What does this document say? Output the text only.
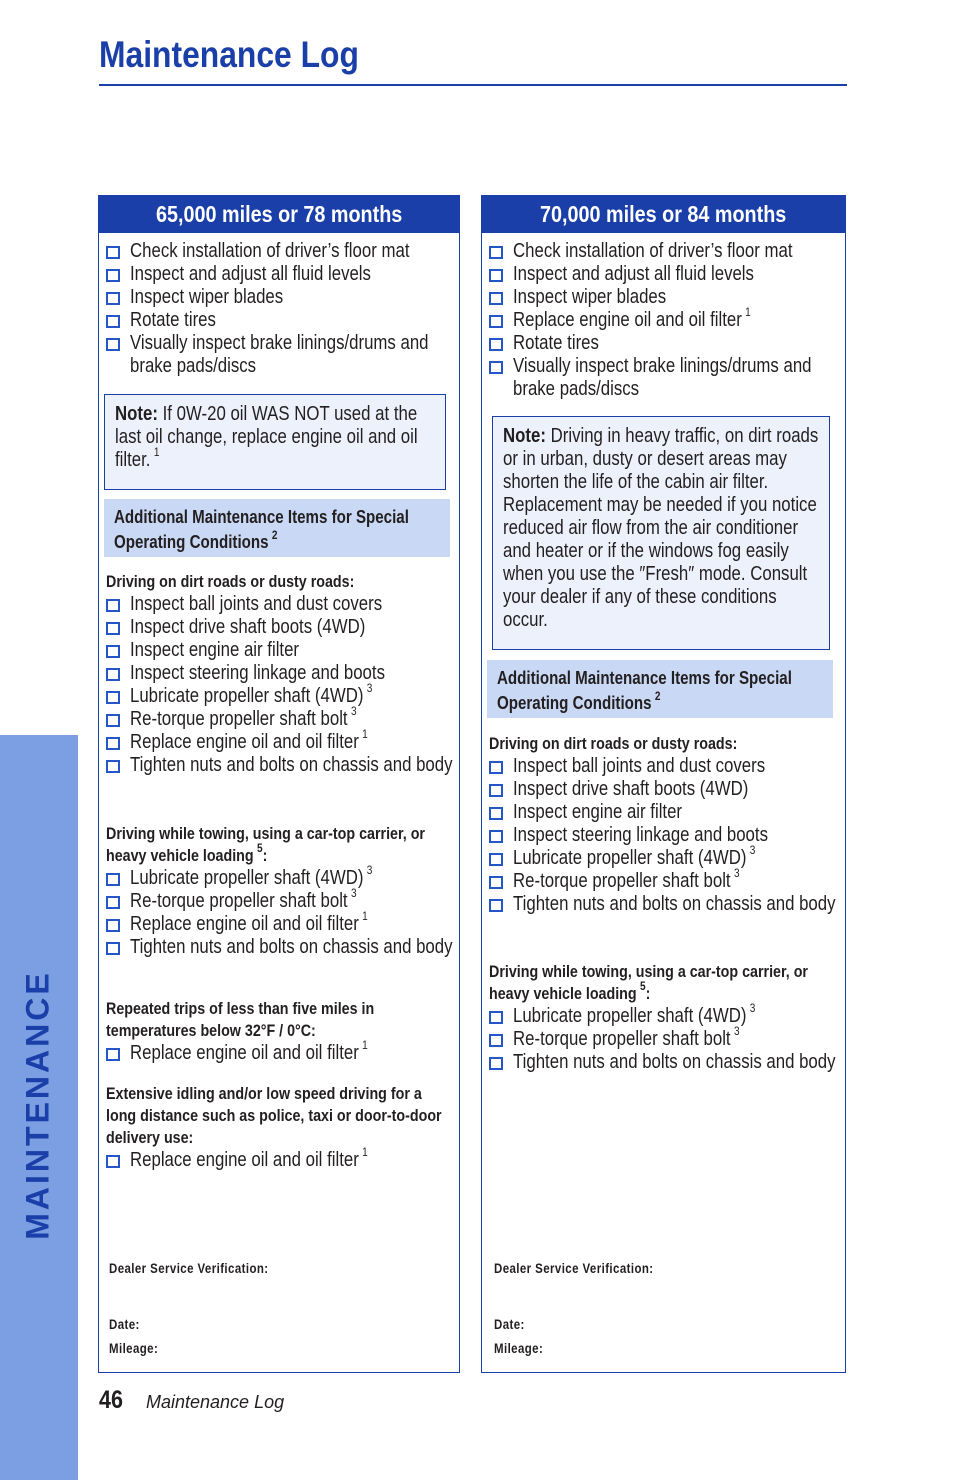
Maintenance Log
MAINTENANCE
65,000 miles or 78 months
Check installation of driver’s floor mat
Inspect and adjust all fluid levels
Inspect wiper blades
Rotate tires
Visually inspect brake linings/drums and brake pads/discs
Note: If 0W-20 oil WAS NOT used at the last oil change, replace engine oil and oil filter. $^1$
Additional Maintenance Items for Special Operating Conditions $^2$
Dealer Service Verification:
Date:
Mileage:
Driving on dirt roads or dusty roads:
Inspect ball joints and dust covers
Inspect drive shaft boots (4WD)
Inspect engine air filter
Inspect steering linkage and boots
Lubricate propeller shaft (4WD) $^3$
Re-torque propeller shaft bolt $^3$
Replace engine oil and oil filter $^1$
Tighten nuts and bolts on chassis and body
Driving while towing, using a car-top carrier, or heavy vehicle loading $^5$:
Lubricate propeller shaft (4WD) $^3$
Re-torque propeller shaft bolt $^3$
Replace engine oil and oil filter $^1$
Tighten nuts and bolts on chassis and body
Repeated trips of less than five miles in temperatures below 32°F / 0°C:
Replace engine oil and oil filter $^1$
Extensive idling and/or low speed driving for a long distance such as police, taxi or door-to-door delivery use:
Replace engine oil and oil filter $^1$
70,000 miles or 84 months
Check installation of driver’s floor mat
Inspect and adjust all fluid levels
Inspect wiper blades
Replace engine oil and oil filter $^1$
Rotate tires
Visually inspect brake linings/drums and brake pads/discs
Note: Driving in heavy traffic, on dirt roads or in urban, dusty or desert areas may shorten the life of the cabin air filter. Replacement may be needed if you notice reduced air flow from the air conditioner and heater or if the windows fog easily when you use the ″Fresh″ mode. Consult your dealer if any of these conditions occur.
Additional Maintenance Items for Special Operating Conditions $^2$
Dealer Service Verification:
Date:
Mileage:
Driving on dirt roads or dusty roads:
Inspect ball joints and dust covers
Inspect drive shaft boots (4WD)
Inspect engine air filter
Inspect steering linkage and boots
Lubricate propeller shaft (4WD) $^3$
Re-torque propeller shaft bolt $^3$
Tighten nuts and bolts on chassis and body
Driving while towing, using a car-top carrier, or heavy vehicle loading $^5$:
Lubricate propeller shaft (4WD) $^3$
Re-torque propeller shaft bolt $^3$
Tighten nuts and bolts on chassis and body
46 Maintenance Log
